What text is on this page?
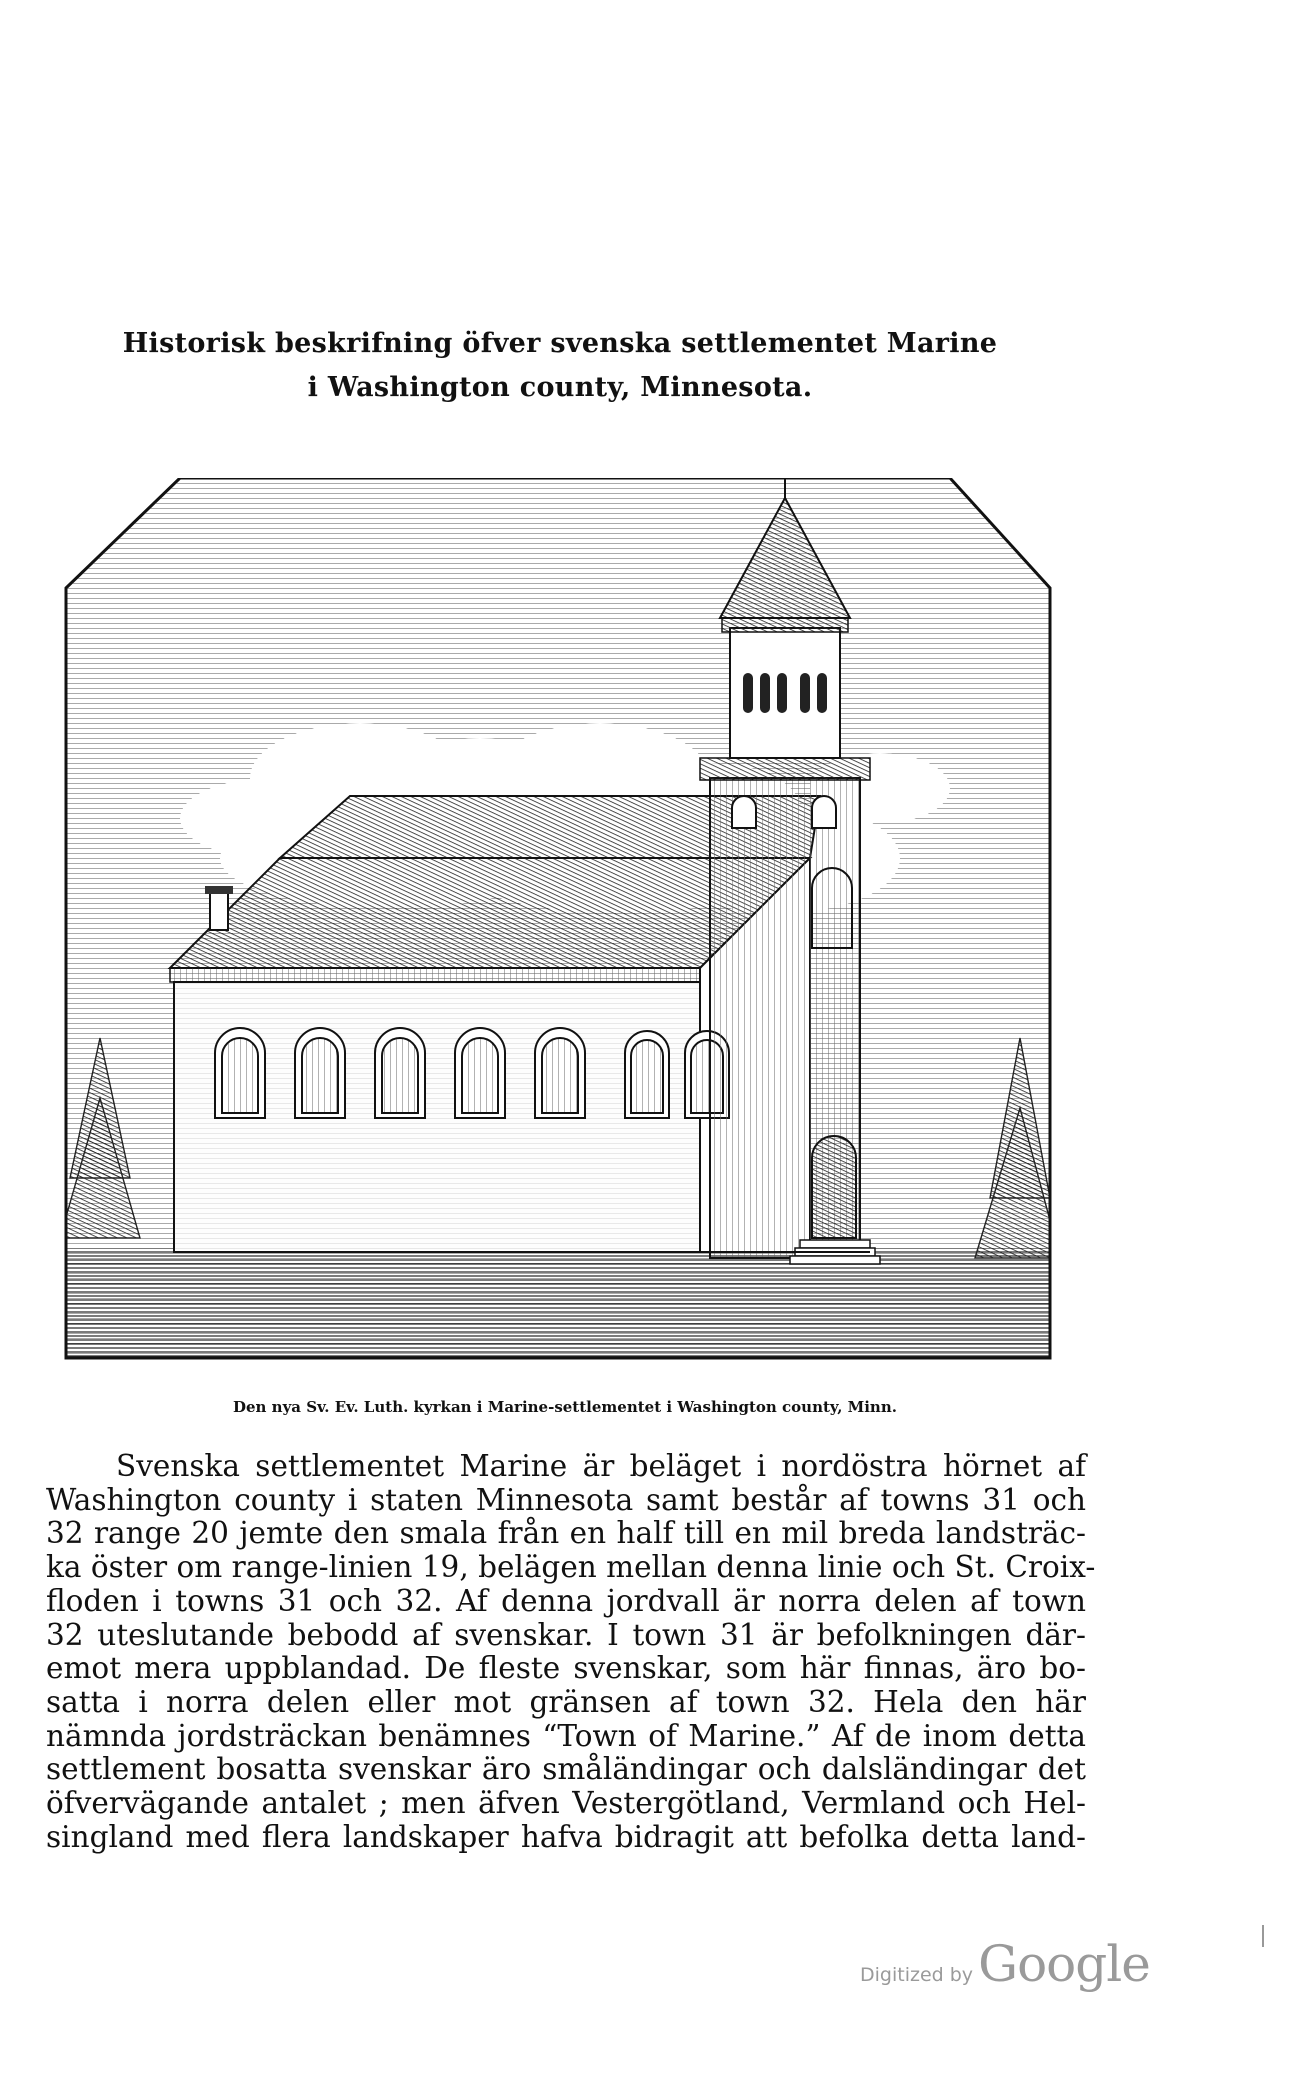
Historisk beskrifning öfver svenska settlementet Marine
i Washington county, Minnesota.
Den nya Sv. Ev. Luth. kyrkan i Marine-settlementet i Washington county, Minn.
Svenska settlementet Marine är beläget i nordöstra hörnet af
Washington county i staten Minnesota samt består af towns 31 och
32 range 20 jemte den smala från en half till en mil breda landsträc-
ka öster om range-linien 19, belägen mellan denna linie och St. Croix-
floden i towns 31 och 32. Af denna jordvall är norra delen af town
32 uteslutande bebodd af svenskar. I town 31 är befolkningen där-
emot mera uppblandad. De fleste svenskar, som här finnas, äro bo-
satta i norra delen eller mot gränsen af town 32. Hela den här
nämnda jordsträckan benämnes “Town of Marine.” Af de inom detta
settlement bosatta svenskar äro småländingar och dalsländingar det
öfvervägande antalet ; men äfven Vestergötland, Vermland och Hel-
singland med flera landskaper hafva bidragit att befolka detta land-
Digitized by Google
